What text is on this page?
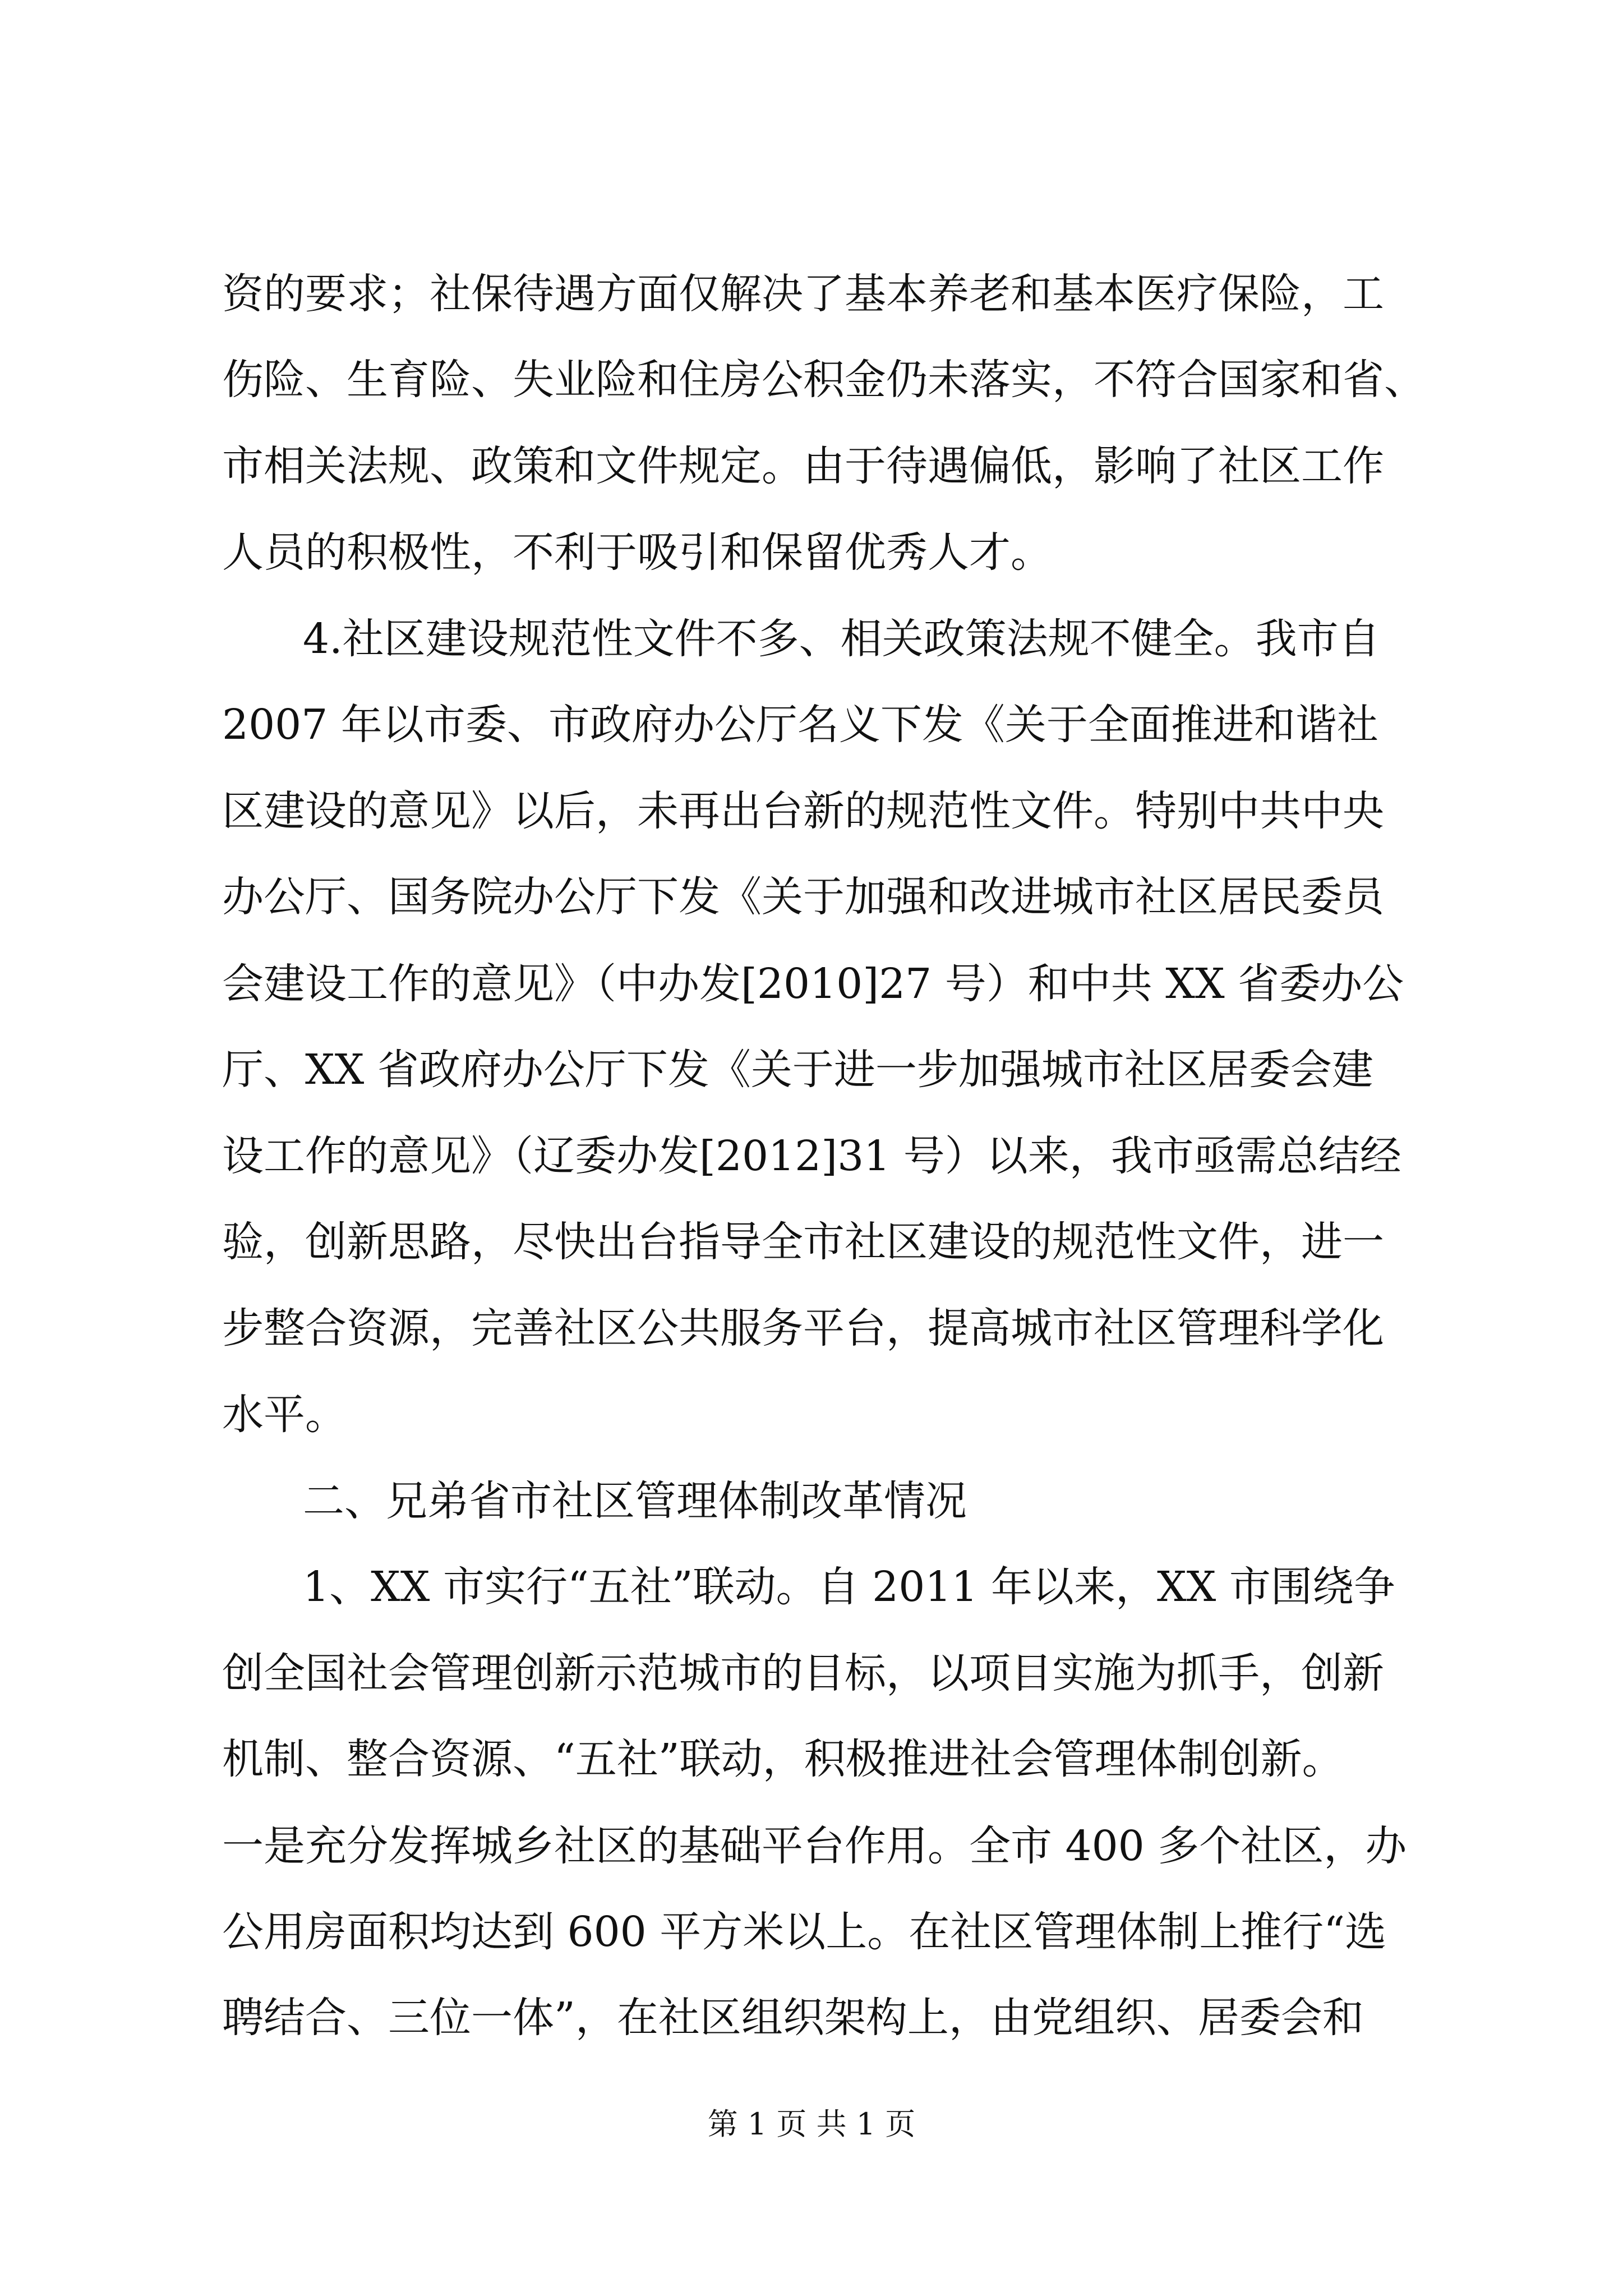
资的要求；社保待遇方面仅解决了基本养老和基本医疗保险，工
伤险、生育险、失业险和住房公积金仍未落实，不符合国家和省、
市相关法规、政策和文件规定。由于待遇偏低，影响了社区工作
人员的积极性，不利于吸引和保留优秀人才。
4.社区建设规范性文件不多、相关政策法规不健全。我市自
2007 年以市委、市政府办公厅名义下发《关于全面推进和谐社
区建设的意见》以后，未再出台新的规范性文件。特别中共中央
办公厅、国务院办公厅下发《关于加强和改进城市社区居民委员
会建设工作的意见》（中办发[2010]27 号）和中共 XX 省委办公
厅、XX 省政府办公厅下发《关于进一步加强城市社区居委会建
设工作的意见》（辽委办发[2012]31 号）以来，我市亟需总结经
验，创新思路，尽快出台指导全市社区建设的规范性文件，进一
步整合资源，完善社区公共服务平台，提高城市社区管理科学化
水平。
二、兄弟省市社区管理体制改革情况
1、XX 市实行“五社”联动。自 2011 年以来，XX 市围绕争
创全国社会管理创新示范城市的目标，以项目实施为抓手，创新
机制、整合资源、“五社”联动，积极推进社会管理体制创新。
一是充分发挥城乡社区的基础平台作用。全市 400 多个社区，办
公用房面积均达到 600 平方米以上。在社区管理体制上推行“选
聘结合、三位一体”，在社区组织架构上，由党组织、居委会和
第 1 页 共 1 页
